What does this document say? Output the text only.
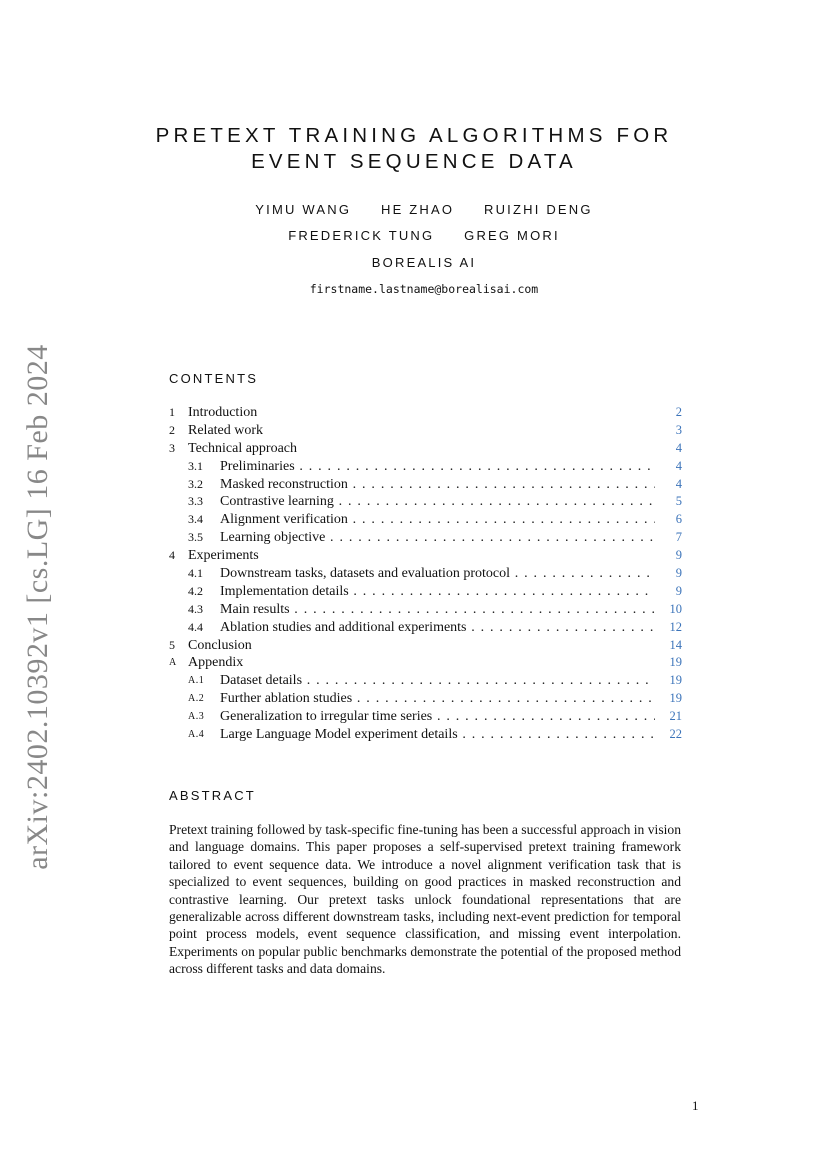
arXiv:2402.10392v1 [cs.LG] 16 Feb 2024
PRETEXT TRAINING ALGORITHMS FOR
EVENT SEQUENCE DATA
YIMU WANG HE ZHAO RUIZHI DENG
FREDERICK TUNG GREG MORI
BOREALIS AI
firstname.lastname@borealisai.com
CONTENTS
1 Introduction	2
2 Related work	3
3 Technical approach	4
3.1 Preliminaries . . .	4
3.2 Masked reconstruction . . .	4
3.3 Contrastive learning . . .	5
3.4 Alignment verification . . .	6
3.5 Learning objective . . .	7
4 Experiments	9
4.1 Downstream tasks, datasets and evaluation protocol . . .	9
4.2 Implementation details . . .	9
4.3 Main results . . .	10
4.4 Ablation studies and additional experiments . . .	12
5 Conclusion	14
A Appendix	19
A.1 Dataset details . . .	19
A.2 Further ablation studies . . .	19
A.3 Generalization to irregular time series . . .	21
A.4 Large Language Model experiment details . . .	22
ABSTRACT
Pretext training followed by task-specific fine-tuning has been a successful approach in vision and language domains. This paper proposes a self-supervised pretext training framework tailored to event sequence data. We introduce a novel alignment verification task that is specialized to event sequences, building on good practices in masked reconstruction and contrastive learning. Our pretext tasks unlock foundational representations that are generalizable across different downstream tasks, including next-event prediction for temporal point process models, event sequence classification, and missing event interpolation. Experiments on popular public benchmarks demonstrate the potential of the proposed method across different tasks and data domains.
1
